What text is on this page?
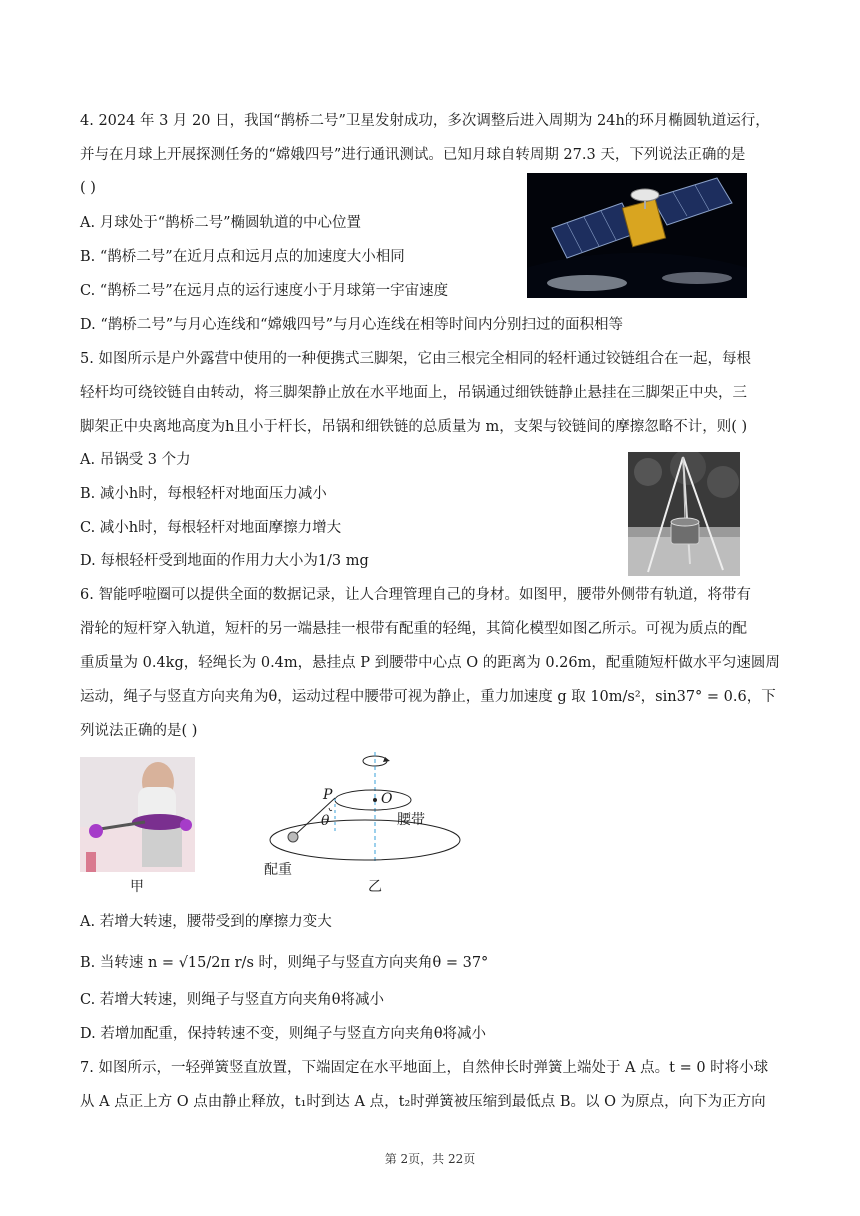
4. 2024 年 3 月 20 日，我国“鹊桥二号”卫星发射成功，多次调整后进入周期为 24h的环月椭圆轨道运行，
并与在月球上开展探测任务的“嫦娥四号”进行通讯测试。已知月球自转周期 27.3 天，下列说法正确的是
( )
A. 月球处于“鹊桥二号”椭圆轨道的中心位置
B. “鹊桥二号”在近月点和远月点的加速度大小相同
C. “鹊桥二号”在远月点的运行速度小于月球第一宇宙速度
D. “鹊桥二号”与月心连线和“嫦娥四号”与月心连线在相等时间内分别扫过的面积相等
5. 如图所示是户外露营中使用的一种便携式三脚架，它由三根完全相同的轻杆通过铰链组合在一起，每根
轻杆均可绕铰链自由转动，将三脚架静止放在水平地面上，吊锅通过细铁链静止悬挂在三脚架正中央，三
脚架正中央离地高度为h且小于杆长，吊锅和细铁链的总质量为 m，支架与铰链间的摩擦忽略不计，则( )
A. 吊锅受 3 个力
B. 减小h时，每根轻杆对地面压力减小
C. 减小h时，每根轻杆对地面摩擦力增大
D. 每根轻杆受到地面的作用力大小为1/3 mg
6. 智能呼啦圈可以提供全面的数据记录，让人合理管理自己的身材。如图甲，腰带外侧带有轨道，将带有
滑轮的短杆穿入轨道，短杆的另一端悬挂一根带有配重的轻绳，其简化模型如图乙所示。可视为质点的配
重质量为 0.4kg，轻绳长为 0.4m，悬挂点 P 到腰带中心点 O 的距离为 0.26m，配重随短杆做水平匀速圆周
运动，绳子与竖直方向夹角为θ，运动过程中腰带可视为静止，重力加速度 g 取 10m/s²，sin37° = 0.6，下
列说法正确的是( )
甲
P	O
θ	腰带
配重
乙
A. 若增大转速，腰带受到的摩擦力变大
B. 当转速 n = √15/2π r/s 时，则绳子与竖直方向夹角θ = 37°
C. 若增大转速，则绳子与竖直方向夹角θ将减小
D. 若增加配重，保持转速不变，则绳子与竖直方向夹角θ将减小
7. 如图所示，一轻弹簧竖直放置，下端固定在水平地面上，自然伸长时弹簧上端处于 A 点。t = 0 时将小球
从 A 点正上方 O 点由静止释放，t₁时到达 A 点，t₂时弹簧被压缩到最低点 B。以 O 为原点，向下为正方向
第 2页，共 22页
